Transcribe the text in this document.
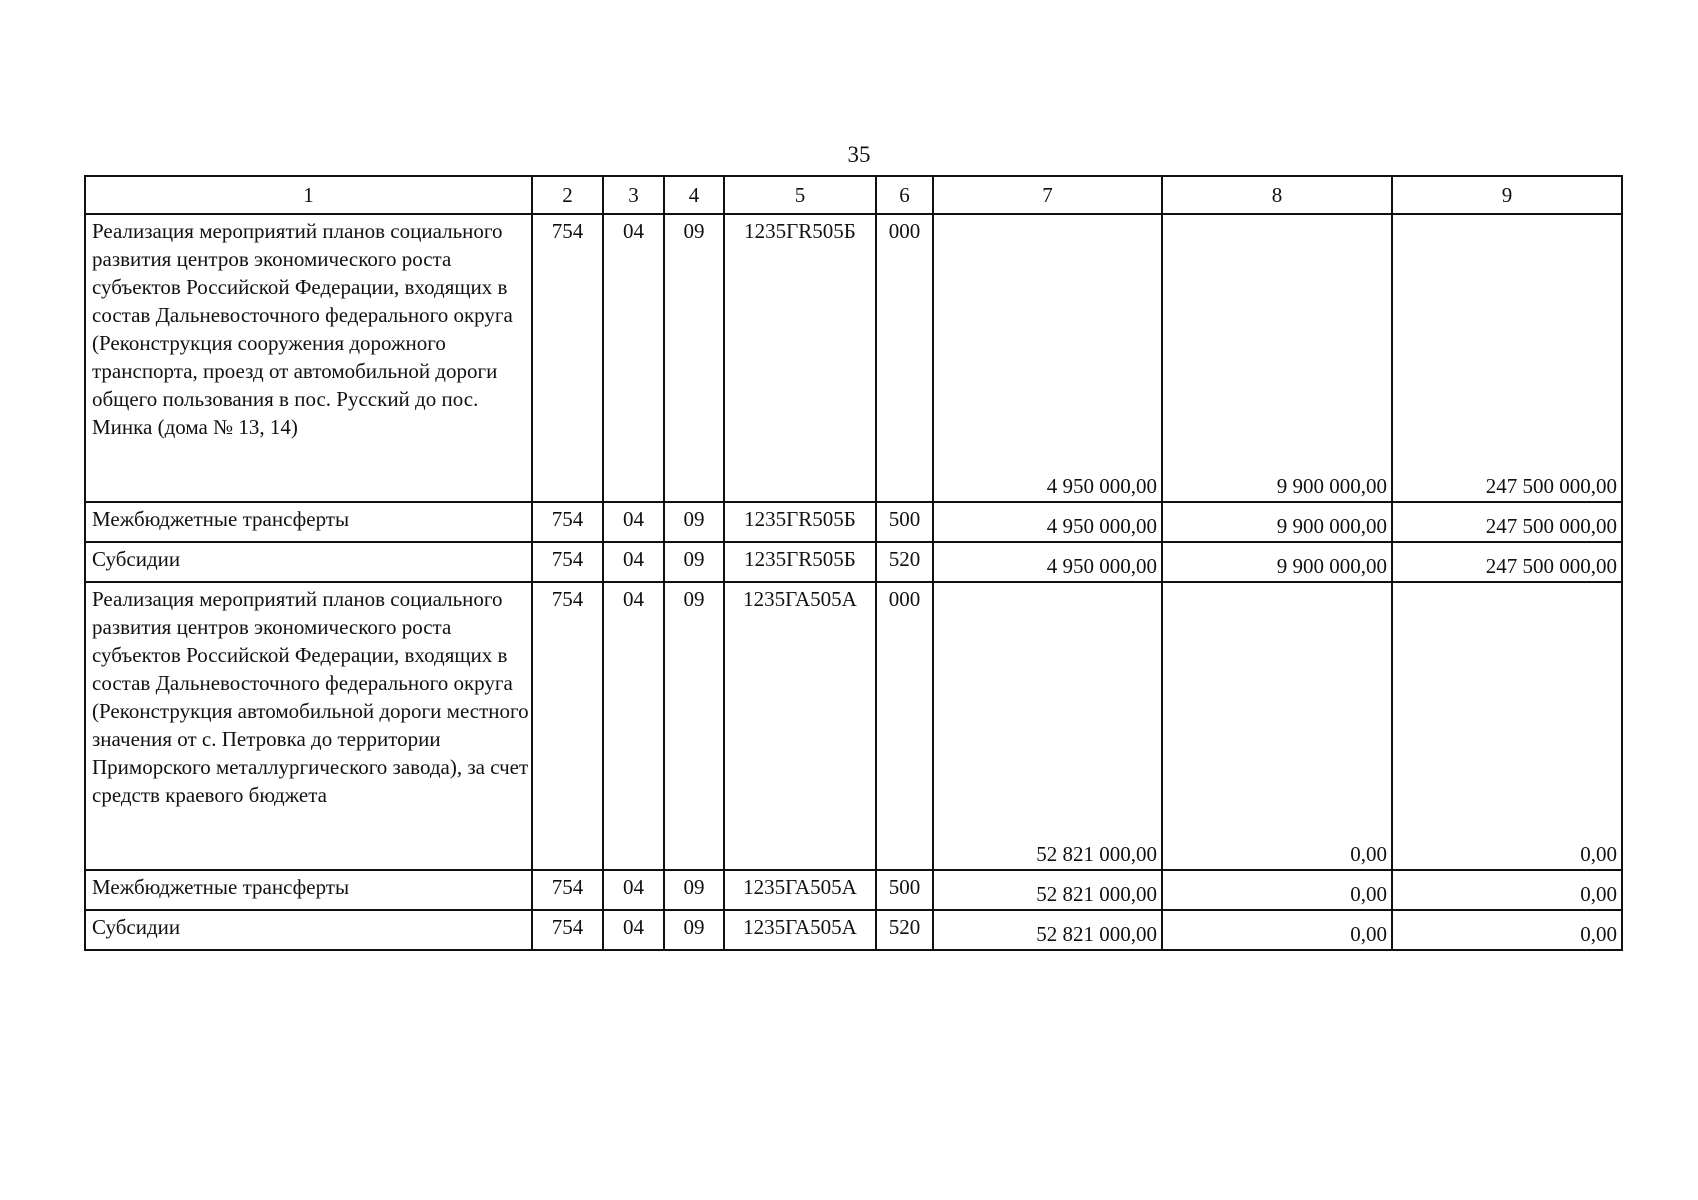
35
1	2	3	4	5	6	7	8	9
Реализация мероприятий планов социального развития центров экономического роста субъектов Российской Федерации, входящих в состав Дальневосточного федерального округа (Реконструкция сооружения дорожного транспорта, проезд от автомобильной дороги общего пользования в пос. Русский до пос. Минка (дома № 13, 14)	754	04	09	1235ГR505Б	000	4 950 000,00	9 900 000,00	247 500 000,00
Межбюджетные трансферты	754	04	09	1235ГR505Б	500	4 950 000,00	9 900 000,00	247 500 000,00
Субсидии	754	04	09	1235ГR505Б	520	4 950 000,00	9 900 000,00	247 500 000,00
Реализация мероприятий планов социального развития центров экономического роста субъектов Российской Федерации, входящих в состав Дальневосточного федерального округа (Реконструкция автомобильной дороги местного значения от с. Петровка до территории Приморского металлургического завода), за счет средств краевого бюджета	754	04	09	1235ГА505А	000	52 821 000,00	0,00	0,00
Межбюджетные трансферты	754	04	09	1235ГА505А	500	52 821 000,00	0,00	0,00
Субсидии	754	04	09	1235ГА505А	520	52 821 000,00	0,00	0,00
